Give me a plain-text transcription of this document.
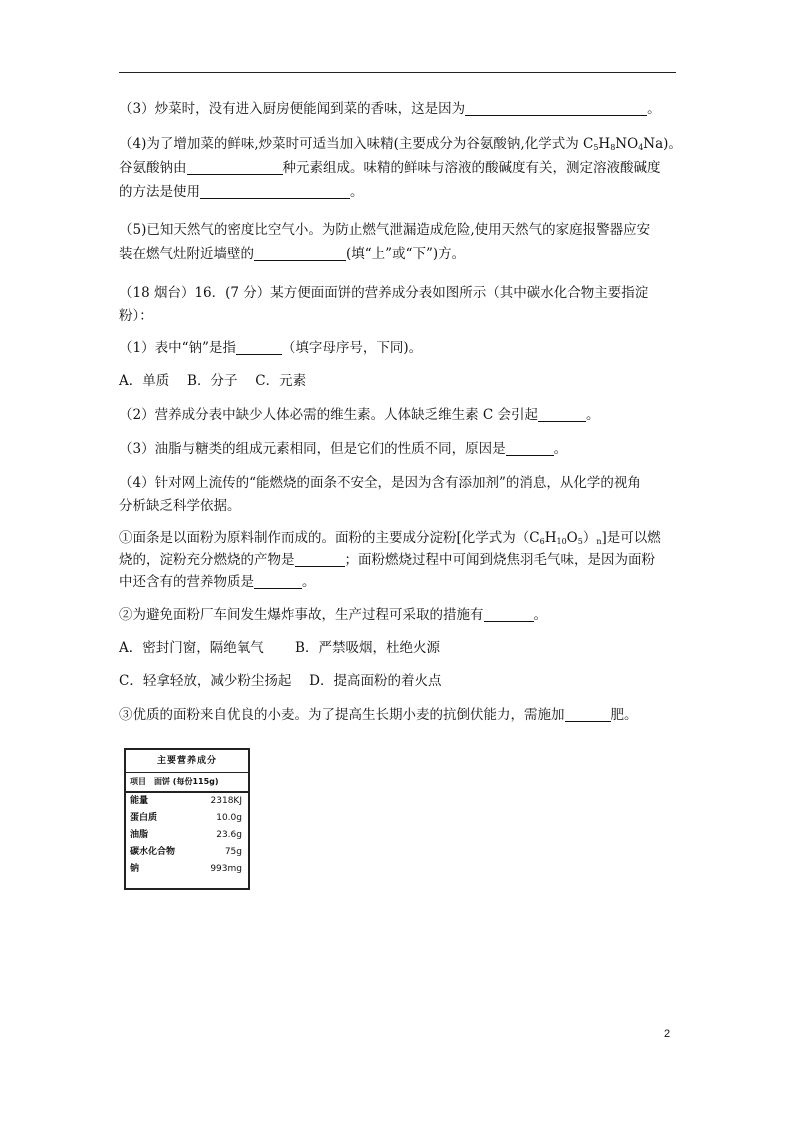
（3）炒菜时，没有进入厨房便能闻到菜的香味，这是因为	。
（4)为了增加菜的鲜味,炒菜时可适当加入味精(主要成分为谷氨酸钠,化学式为 $C_5H_8NO_4Na$)。
谷氨酸钠由	种元素组成。味精的鲜味与溶液的酸碱度有关，测定溶液酸碱度
的方法是使用	。
（5)已知天然气的密度比空气小。为防止燃气泄漏造成危险,使用天然气的家庭报警器应安
装在燃气灶附近墙壁的	(填“上”或“下”)方。
（18 烟台）16．(7 分）某方便面面饼的营养成分表如图所示（其中碳水化合物主要指淀
粉）：
（1）表中“钠”是指	（填字母序号，下同)。
A．单质　 B．分子　 C．元素
（2）营养成分表中缺少人体必需的维生素。人体缺乏维生素 C 会引起	。
（3）油脂与糖类的组成元素相同，但是它们的性质不同，原因是	。
（4）针对网上流传的“能燃烧的面条不安全，是因为含有添加剂”的消息，从化学的视角
分析缺乏科学依据。
①面条是以面粉为原料制作而成的。面粉的主要成分淀粉[化学式为$(C_6H_{10}O_5)_n$]是可以燃
烧的，淀粉充分燃烧的产物是	；面粉燃烧过程中可闻到烧焦羽毛气味，是因为面粉
中还含有的营养物质是	。
②为避免面粉厂车间发生爆炸事故，生产过程可采取的措施有	。
A．密封门窗，隔绝氧气　　 B．严禁吸烟，杜绝火源
C．轻拿轻放，减少粉尘扬起　 D．提高面粉的着火点
③优质的面粉来自优良的小麦。为了提高生长期小麦的抗倒伏能力，需施加	肥。
主要营养成分
项目　面饼 (每份115g)
能量	2318KJ
蛋白质	10.0g
油脂	23.6g
碳水化合物	75g
钠	993mg
2
